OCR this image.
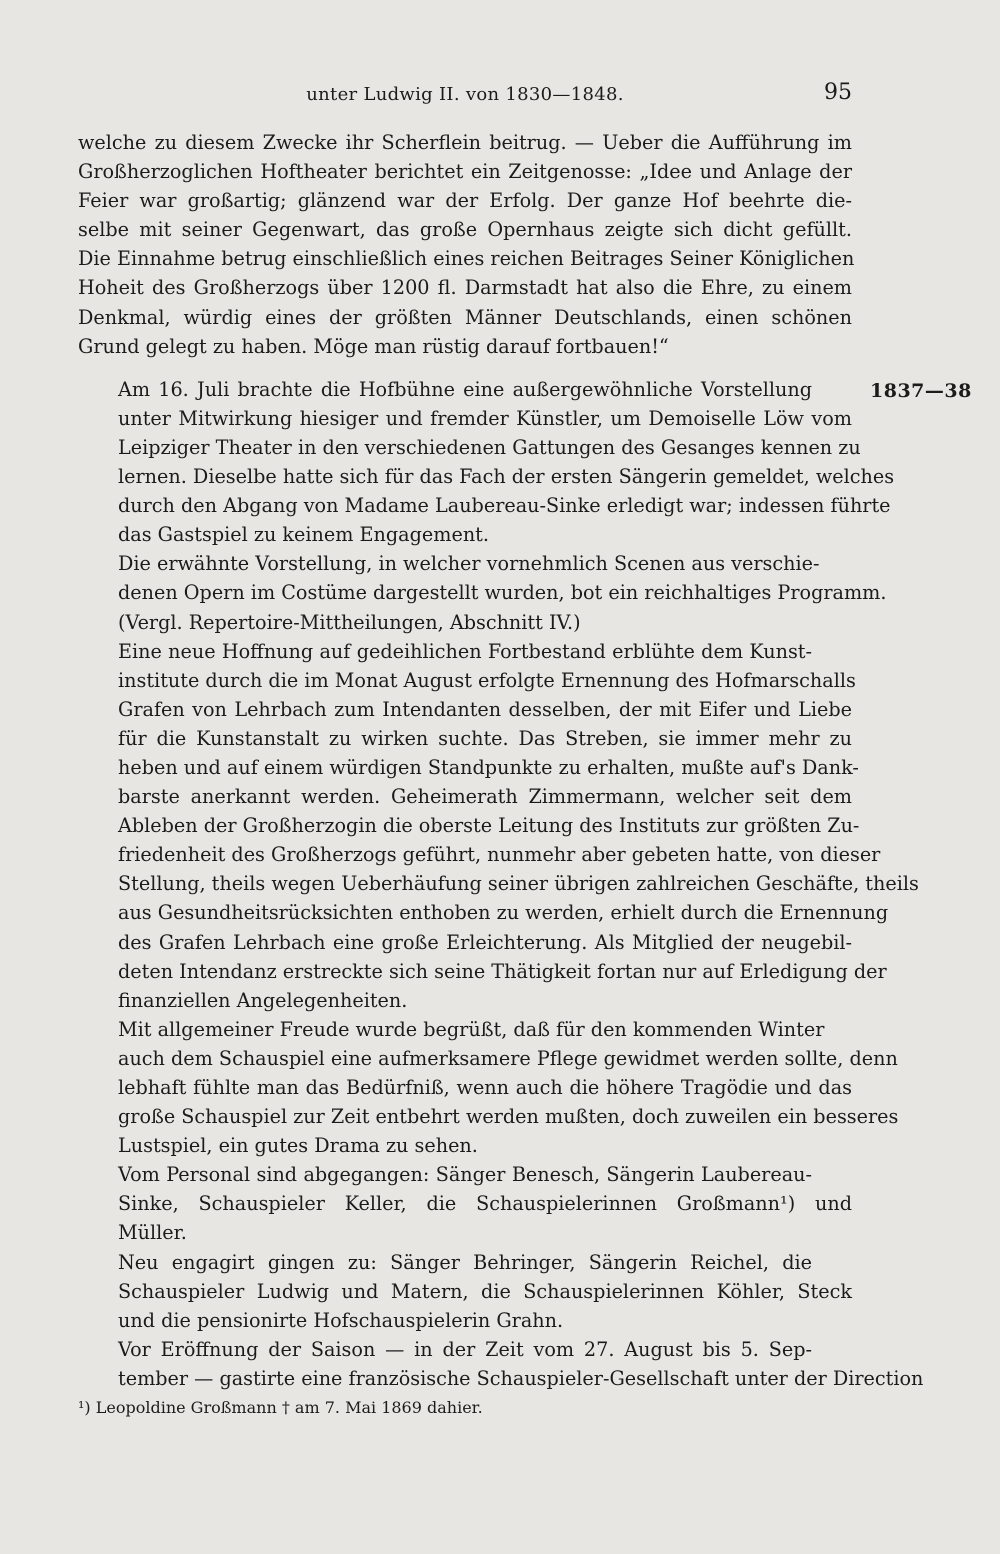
unter Ludwig II. von 1830—1848.	95
1837—38

welche zu diesem Zwecke ihr Scherflein beitrug. — Ueber die Aufführung im
Großherzoglichen Hoftheater berichtet ein Zeitgenosse: „Idee und Anlage der
Feier war großartig; glänzend war der Erfolg. Der ganze Hof beehrte die-
selbe mit seiner Gegenwart, das große Opernhaus zeigte sich dicht gefüllt.
Die Einnahme betrug einschließlich eines reichen Beitrages Seiner Königlichen
Hoheit des Großherzogs über 1200 fl. Darmstadt hat also die Ehre, zu einem
Denkmal, würdig eines der größten Männer Deutschlands, einen schönen
Grund gelegt zu haben. Möge man rüstig darauf fortbauen!“

Am 16. Juli brachte die Hofbühne eine außergewöhnliche Vorstellung
unter Mitwirkung hiesiger und fremder Künstler, um Demoiselle Löw vom
Leipziger Theater in den verschiedenen Gattungen des Gesanges kennen zu
lernen. Dieselbe hatte sich für das Fach der ersten Sängerin gemeldet, welches
durch den Abgang von Madame Laubereau-Sinke erledigt war; indessen führte
das Gastspiel zu keinem Engagement.

Die erwähnte Vorstellung, in welcher vornehmlich Scenen aus verschie-
denen Opern im Costüme dargestellt wurden, bot ein reichhaltiges Programm.
(Vergl. Repertoire-Mittheilungen, Abschnitt IV.)

Eine neue Hoffnung auf gedeihlichen Fortbestand erblühte dem Kunst-
institute durch die im Monat August erfolgte Ernennung des Hofmarschalls
Grafen von Lehrbach zum Intendanten desselben, der mit Eifer und Liebe
für die Kunstanstalt zu wirken suchte. Das Streben, sie immer mehr zu
heben und auf einem würdigen Standpunkte zu erhalten, mußte auf's Dank-
barste anerkannt werden. Geheimerath Zimmermann, welcher seit dem
Ableben der Großherzogin die oberste Leitung des Instituts zur größten Zu-
friedenheit des Großherzogs geführt, nunmehr aber gebeten hatte, von dieser
Stellung, theils wegen Ueberhäufung seiner übrigen zahlreichen Geschäfte, theils
aus Gesundheitsrücksichten enthoben zu werden, erhielt durch die Ernennung
des Grafen Lehrbach eine große Erleichterung. Als Mitglied der neugebil-
deten Intendanz erstreckte sich seine Thätigkeit fortan nur auf Erledigung der
finanziellen Angelegenheiten.

Mit allgemeiner Freude wurde begrüßt, daß für den kommenden Winter
auch dem Schauspiel eine aufmerksamere Pflege gewidmet werden sollte, denn
lebhaft fühlte man das Bedürfniß, wenn auch die höhere Tragödie und das
große Schauspiel zur Zeit entbehrt werden mußten, doch zuweilen ein besseres
Lustspiel, ein gutes Drama zu sehen.

Vom Personal sind abgegangen: Sänger Benesch, Sängerin Laubereau-
Sinke, Schauspieler Keller, die Schauspielerinnen Großmann¹) und
Müller.

Neu engagirt gingen zu: Sänger Behringer, Sängerin Reichel, die
Schauspieler Ludwig und Matern, die Schauspielerinnen Köhler, Steck
und die pensionirte Hofschauspielerin Grahn.

Vor Eröffnung der Saison — in der Zeit vom 27. August bis 5. Sep-
tember — gastirte eine französische Schauspieler-Gesellschaft unter der Direction

¹) Leopoldine Großmann † am 7. Mai 1869 dahier.
